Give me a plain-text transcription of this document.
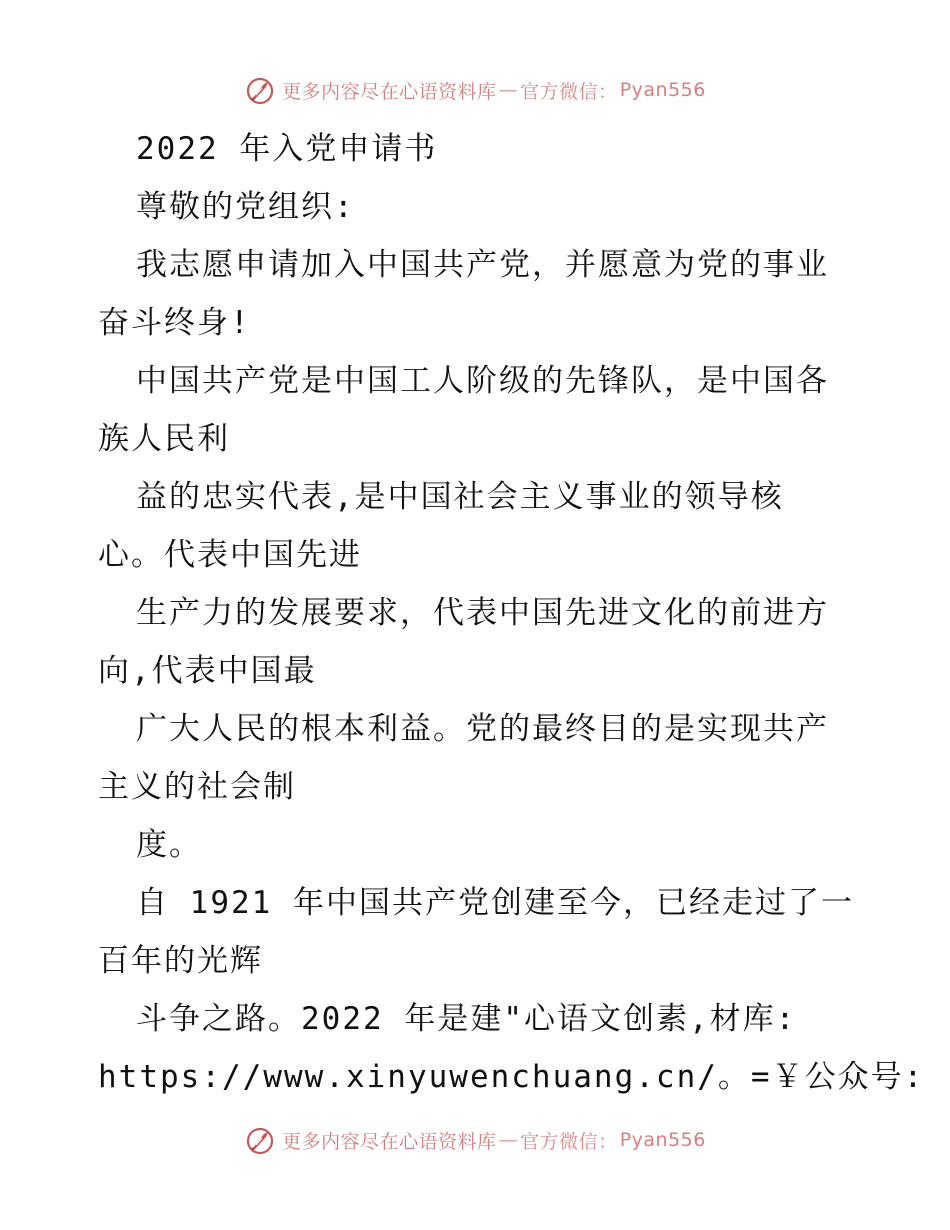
更多内容尽在心语资料库 — 官方微信： Pyan556
2022 年入党申请书
尊敬的党组织:
我志愿申请加入中国共产党，并愿意为党的事业
奋斗终身!
中国共产党是中国工人阶级的先锋队，是中国各
族人民利
益的忠实代表,是中国社会主义事业的领导核
心。代表中国先进
生产力的发展要求，代表中国先进文化的前进方
向,代表中国最
广大人民的根本利益。党的最终目的是实现共产
主义的社会制
度。
自 1921 年中国共产党创建至今，已经走过了一
百年的光辉
斗争之路。2022 年是建"心语文创素,材库:
https://www.xinyuwenchuang.cn/。=￥公众号:
更多内容尽在心语资料库 — 官方微信： Pyan556
